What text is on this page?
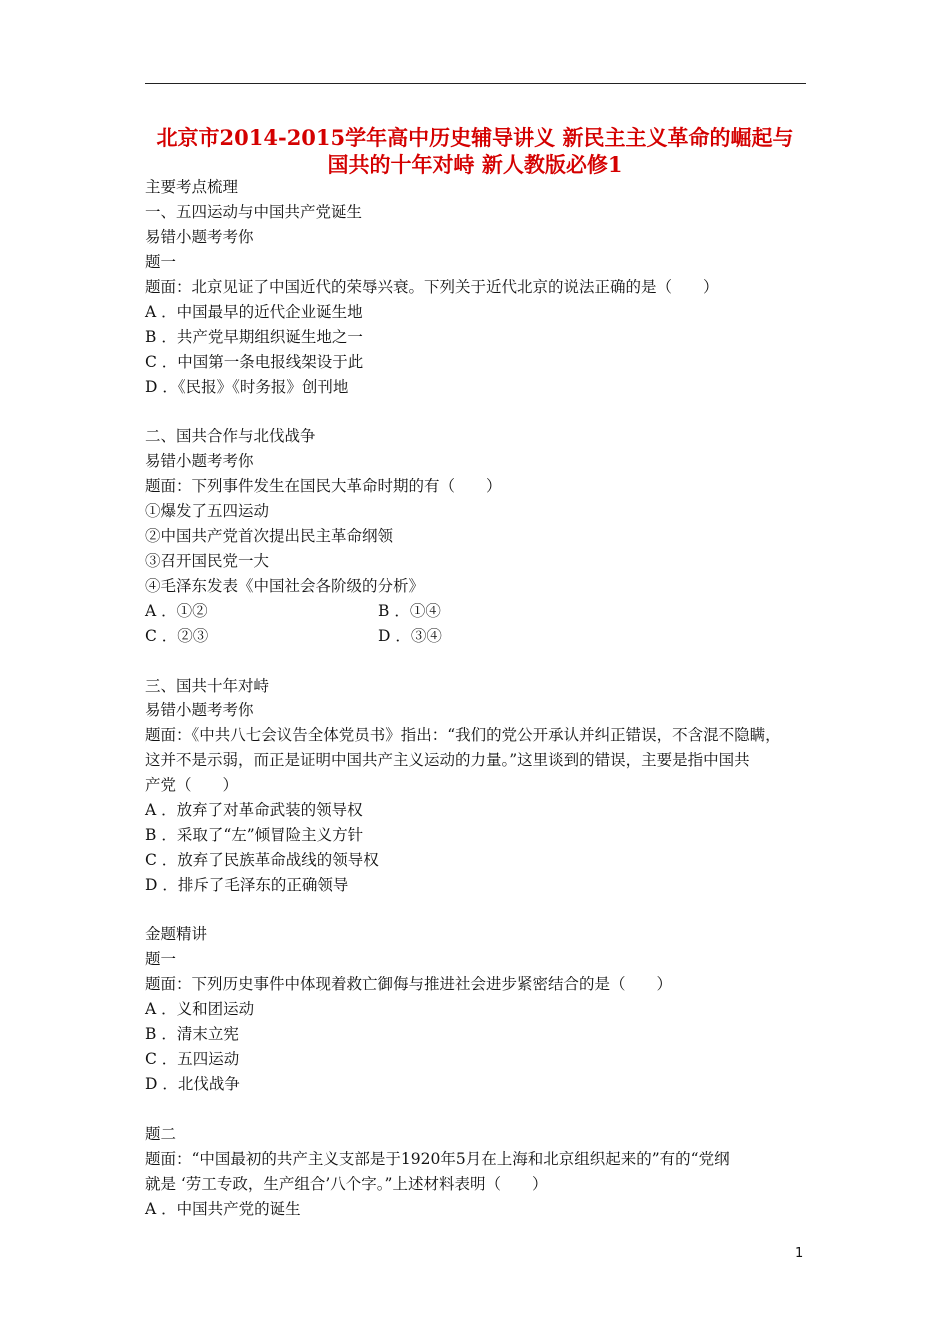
北京市2014-2015学年高中历史辅导讲义 新民主主义革命的崛起与
国共的十年对峙 新人教版必修1
主要考点梳理
一、五四运动与中国共产党诞生
易错小题考考你
题一
题面：北京见证了中国近代的荣辱兴衰。下列关于近代北京的说法正确的是（　　）
A ．中国最早的近代企业诞生地
B ．共产党早期组织诞生地之一
C ．中国第一条电报线架设于此
D ．《民报》《时务报》创刊地
二、国共合作与北伐战争
易错小题考考你
题面：下列事件发生在国民大革命时期的有（　　）
①爆发了五四运动
②中国共产党首次提出民主革命纲领
③召开国民党一大
④毛泽东发表《中国社会各阶级的分析》
A ．①②	B ．①④
C ．②③	D ．③④
三、国共十年对峙
易错小题考考你
题面：《中共八七会议告全体党员书》指出：“我们的党公开承认并纠正错误，不含混不隐瞒，
这并不是示弱，而正是证明中国共产主义运动的力量。”这里谈到的错误，主要是指中国共
产党（　　）
A ．放弃了对革命武装的领导权
B ．采取了“左”倾冒险主义方针
C ．放弃了民族革命战线的领导权
D ．排斥了毛泽东的正确领导
金题精讲
题一
题面：下列历史事件中体现着救亡御侮与推进社会进步紧密结合的是（　　）
A ．义和团运动
B ．清末立宪
C ．五四运动
D ．北伐战争
题二
题面：“中国最初的共产主义支部是于1920年5月在上海和北京组织起来的”有的“党纲
就是 ‘劳工专政，生产组合’八个字。”上述材料表明（　　）
A ．中国共产党的诞生
1
